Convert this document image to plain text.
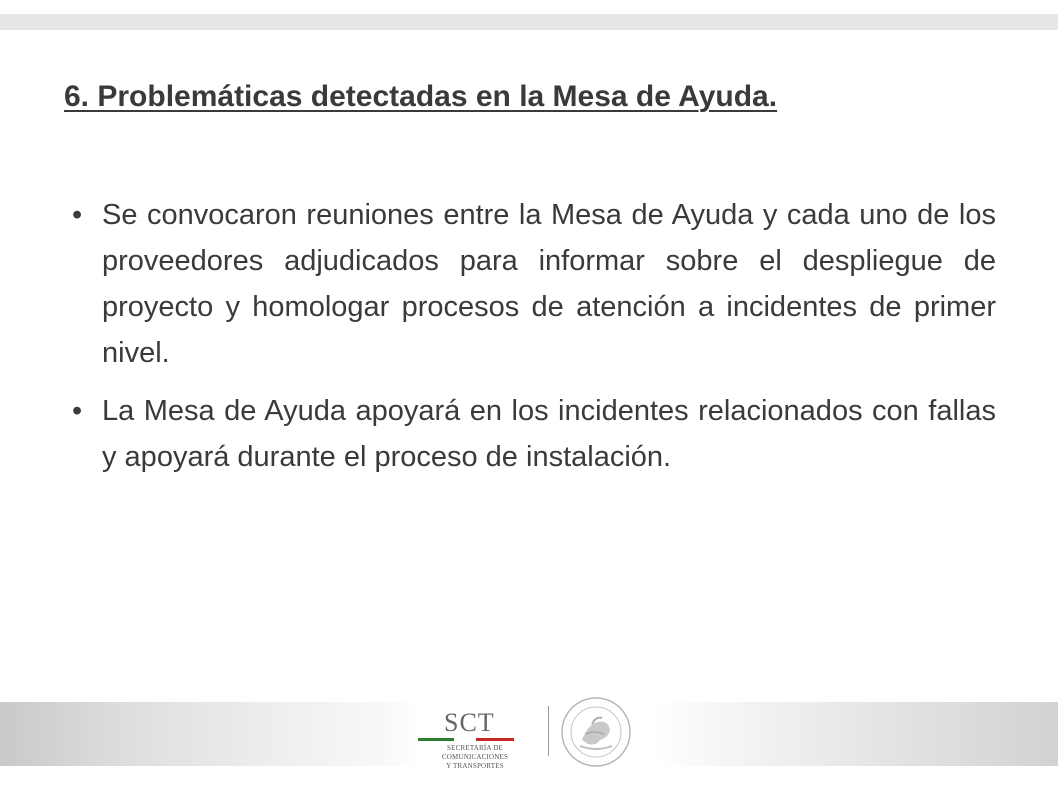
6. Problemáticas detectadas en la Mesa de Ayuda.
• Se convocaron reuniones entre la Mesa de Ayuda y cada uno de los proveedores adjudicados para informar sobre el despliegue de proyecto y homologar procesos de atención a incidentes de primer nivel.
• La Mesa de Ayuda apoyará en los incidentes relacionados con fallas y apoyará durante el proceso de instalación.
SCT
SECRETARÍA DE
COMUNICACIONES
Y TRANSPORTES
